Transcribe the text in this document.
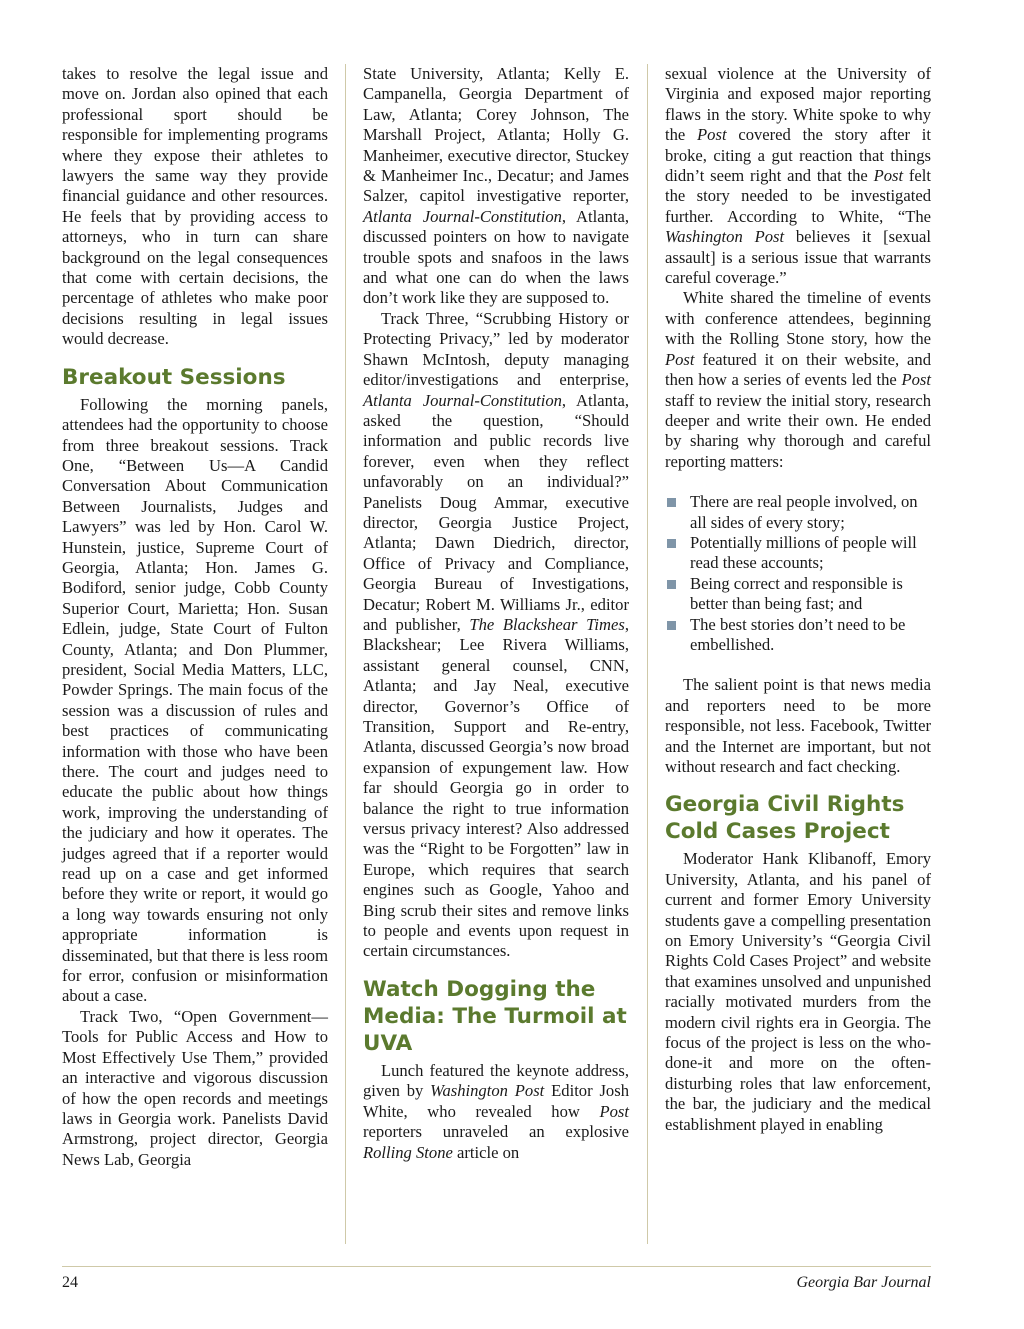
takes to resolve the legal issue and move on. Jordan also opined that each professional sport should be responsible for implementing programs where they expose their athletes to lawyers the same way they provide financial guidance and other resources. He feels that by providing access to attorneys, who in turn can share background on the legal consequences that come with certain decisions, the percentage of athletes who make poor decisions resulting in legal issues would decrease.

Breakout Sessions

Following the morning panels, attendees had the opportunity to choose from three breakout sessions. Track One, “Between Us—A Candid Conversation About Communication Between Journalists, Judges and Lawyers” was led by Hon. Carol W. Hunstein, justice, Supreme Court of Georgia, Atlanta; Hon. James G. Bodiford, senior judge, Cobb County Superior Court, Marietta; Hon. Susan Edlein, judge, State Court of Fulton County, Atlanta; and Don Plummer, president, Social Media Matters, LLC, Powder Springs. The main focus of the session was a discussion of rules and best practices of communicating information with those who have been there. The court and judges need to educate the public about how things work, improving the understanding of the judiciary and how it operates. The judges agreed that if a reporter would read up on a case and get informed before they write or report, it would go a long way towards ensuring not only appropriate information is disseminated, but that there is less room for error, confusion or misinformation about a case.

Track Two, “Open Government—Tools for Public Access and How to Most Effectively Use Them,” provided an interactive and vigorous discussion of how the open records and meetings laws in Georgia work. Panelists David Armstrong, project director, Georgia News Lab, Georgia

State University, Atlanta; Kelly E. Campanella, Georgia Department of Law, Atlanta; Corey Johnson, The Marshall Project, Atlanta; Holly G. Manheimer, executive director, Stuckey & Manheimer Inc., Decatur; and James Salzer, capitol investigative reporter, Atlanta Journal-Constitution, Atlanta, discussed pointers on how to navigate trouble spots and snafoos in the laws and what one can do when the laws don’t work like they are supposed to.

Track Three, “Scrubbing History or Protecting Privacy,” led by moderator Shawn McIntosh, deputy managing editor/investigations and enterprise, Atlanta Journal-Constitution, Atlanta, asked the question, “Should information and public records live forever, even when they reflect unfavorably on an individual?” Panelists Doug Ammar, executive director, Georgia Justice Project, Atlanta; Dawn Diedrich, director, Office of Privacy and Compliance, Georgia Bureau of Investigations, Decatur; Robert M. Williams Jr., editor and publisher, The Blackshear Times, Blackshear; Lee Rivera Williams, assistant general counsel, CNN, Atlanta; and Jay Neal, executive director, Governor’s Office of Transition, Support and Re-entry, Atlanta, discussed Georgia’s now broad expansion of expungement law. How far should Georgia go in order to balance the right to true information versus privacy interest? Also addressed was the “Right to be Forgotten” law in Europe, which requires that search engines such as Google, Yahoo and Bing scrub their sites and remove links to people and events upon request in certain circumstances.

Watch Dogging the Media: The Turmoil at UVA

Lunch featured the keynote address, given by Washington Post Editor Josh White, who revealed how Post reporters unraveled an explosive Rolling Stone article on

sexual violence at the University of Virginia and exposed major reporting flaws in the story. White spoke to why the Post covered the story after it broke, citing a gut reaction that things didn’t seem right and that the Post felt the story needed to be investigated further. According to White, “The Washington Post believes it [sexual assault] is a serious issue that warrants careful coverage.”

White shared the timeline of events with conference attendees, beginning with the Rolling Stone story, how the Post featured it on their website, and then how a series of events led the Post staff to review the initial story, research deeper and write their own. He ended by sharing why thorough and careful reporting matters:

There are real people involved, on all sides of every story;
Potentially millions of people will read these accounts;
Being correct and responsible is better than being fast; and
The best stories don’t need to be embellished.

The salient point is that news media and reporters need to be more responsible, not less. Facebook, Twitter and the Internet are important, but not without research and fact checking.

Georgia Civil Rights Cold Cases Project

Moderator Hank Klibanoff, Emory University, Atlanta, and his panel of current and former Emory University students gave a compelling presentation on Emory University’s “Georgia Civil Rights Cold Cases Project” and website that examines unsolved and unpunished racially motivated murders from the modern civil rights era in Georgia. The focus of the project is less on the who-done-it and more on the often-disturbing roles that law enforcement, the bar, the judiciary and the medical establishment played in enabling

24	Georgia Bar Journal
